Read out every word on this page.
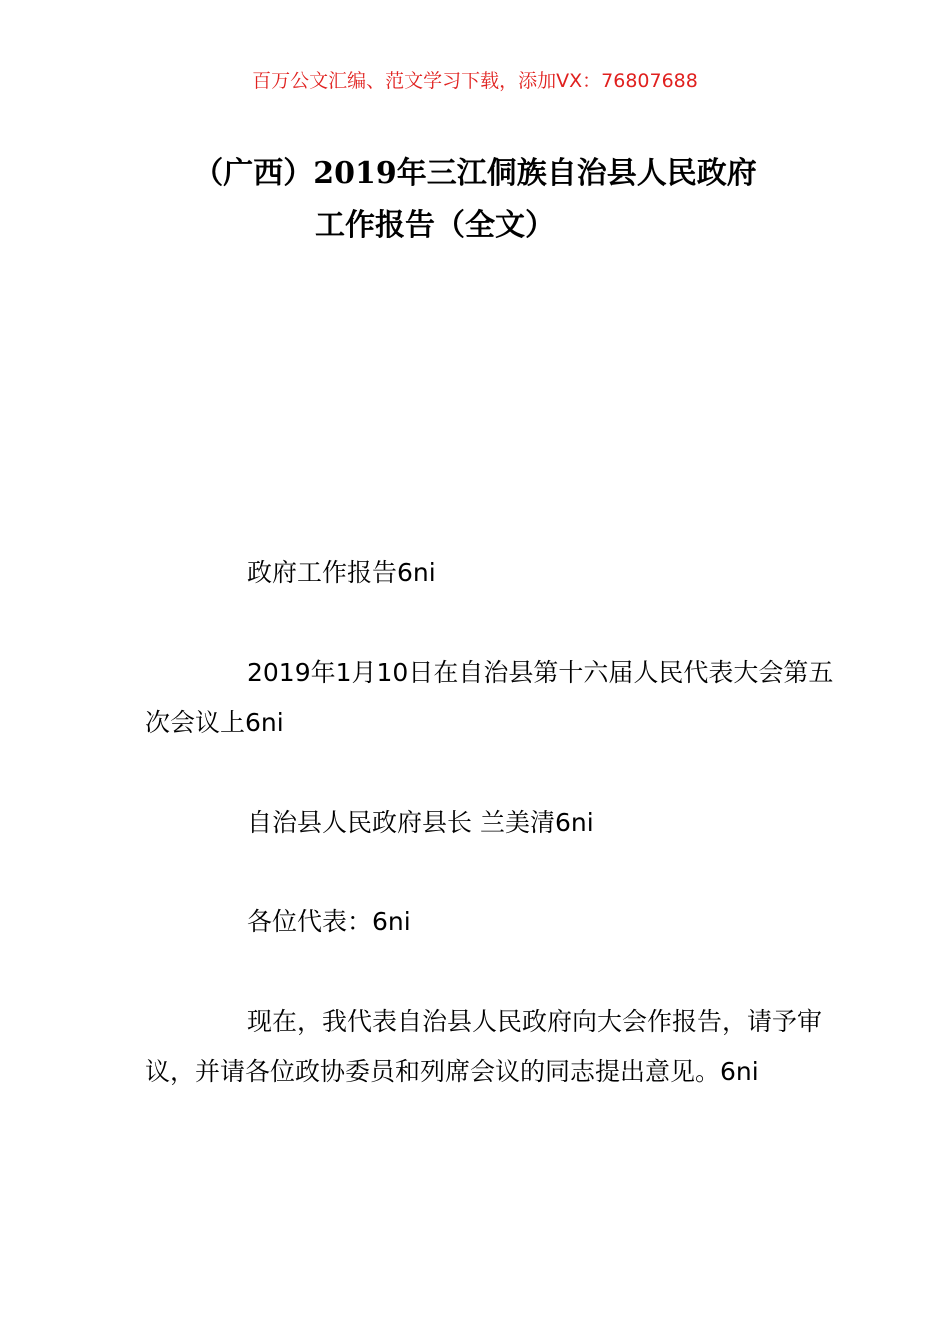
百万公文汇编、范文学习下载，添加VX：76807688
（广西）2019年三江侗族自治县人民政府
工作报告（全文）

政府工作报告6ni

2019年1月10日在自治县第十六届人民代表大会第五次会议上6ni

自治县人民政府县长 兰美清6ni

各位代表：6ni

现在，我代表自治县人民政府向大会作报告，请予审议，并请各位政协委员和列席会议的同志提出意见。6ni
